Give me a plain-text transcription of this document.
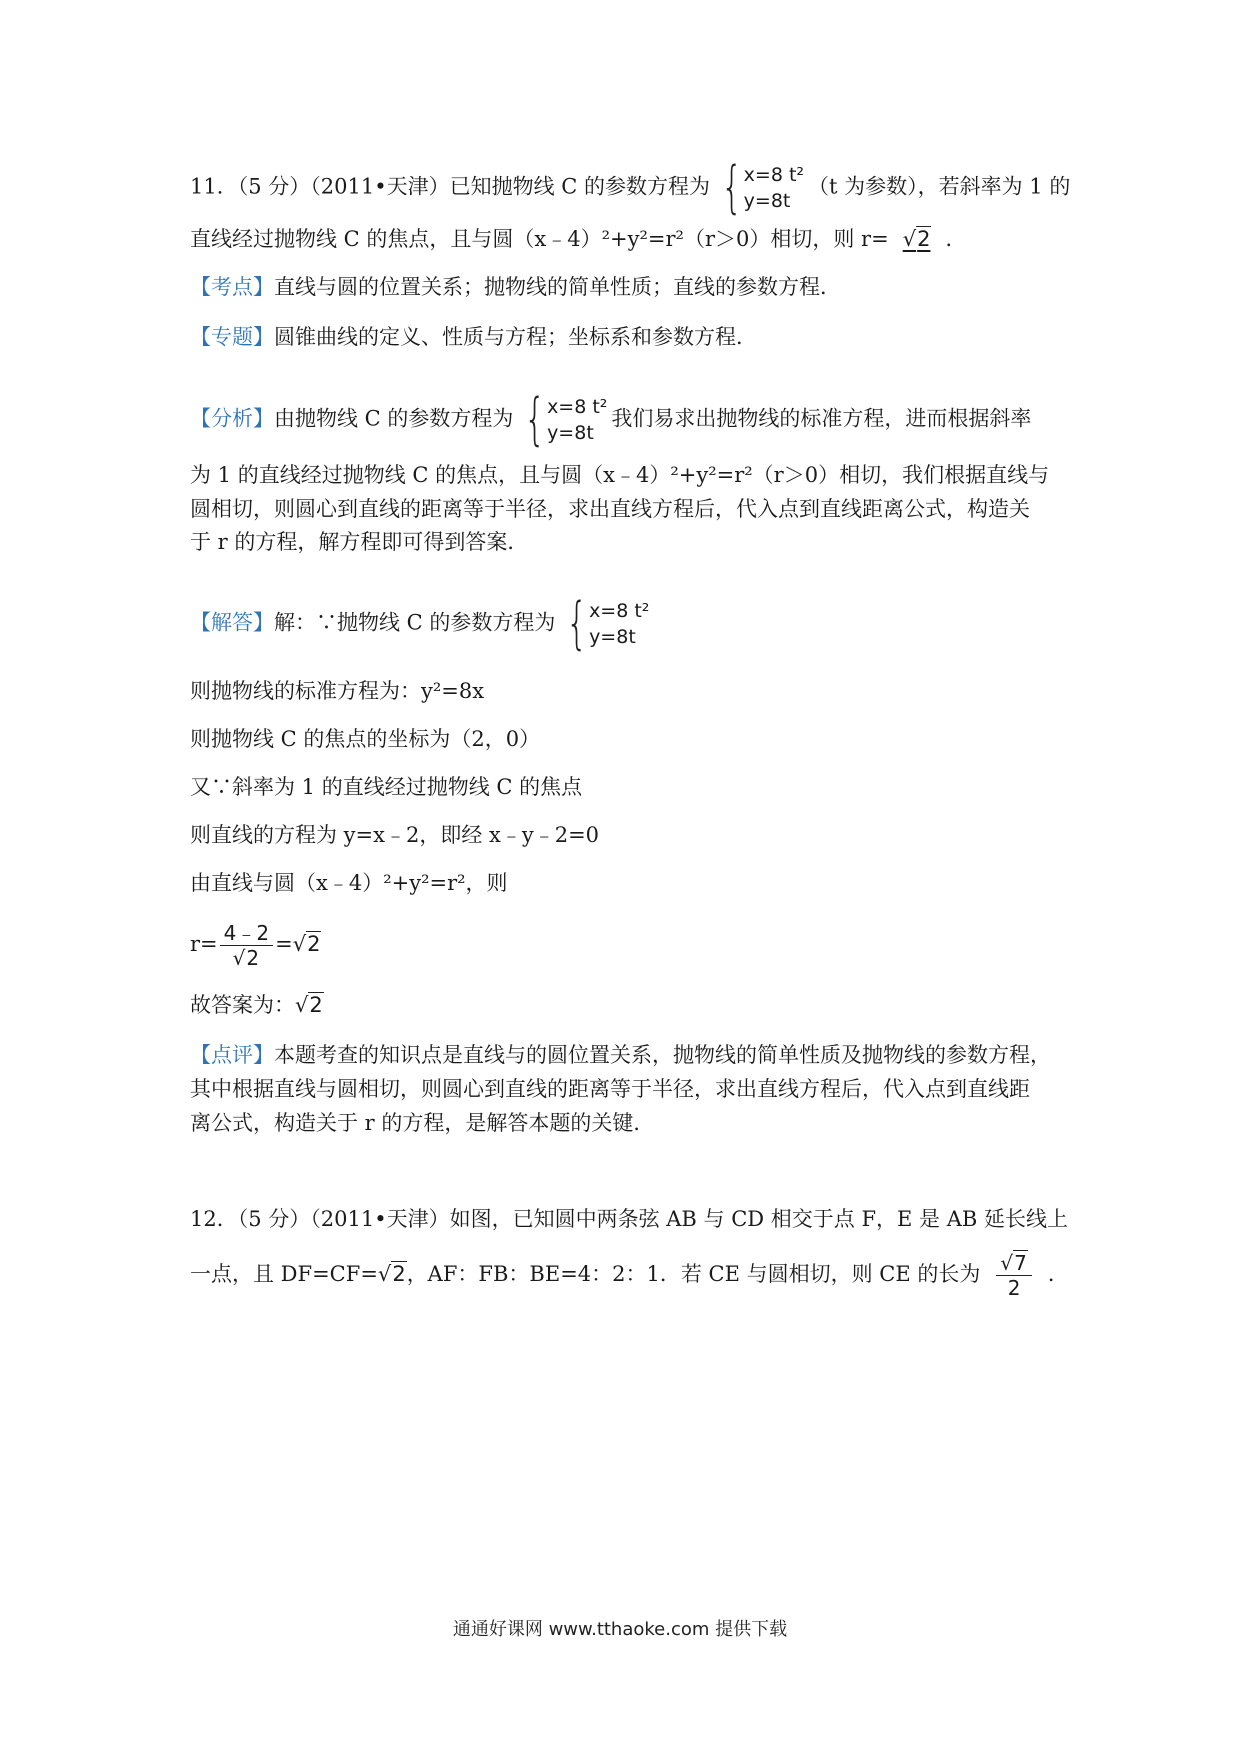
11．（5 分）（2011•天津）已知抛物线 C 的参数方程为 { x=8 t²
y=8t
（t 为参数），若斜率为 1 的
直线经过抛物线 C 的焦点，且与圆（x﹣4）²+y²=r²（r＞0）相切，则 r= √2 ．
【考点】直线与圆的位置关系；抛物线的简单性质；直线的参数方程．
【专题】圆锥曲线的定义、性质与方程；坐标系和参数方程．
【分析】由抛物线 C 的参数方程为 { x=8 t²
y=8t
我们易求出抛物线的标准方程，进而根据斜率
为 1 的直线经过抛物线 C 的焦点，且与圆（x﹣4）²+y²=r²（r＞0）相切，我们根据直线与
圆相切，则圆心到直线的距离等于半径，求出直线方程后，代入点到直线距离公式，构造关
于 r 的方程，解方程即可得到答案．
【解答】解：∵抛物线 C 的参数方程为 { x=8 t²
y=8t
则抛物线的标准方程为：y²=8x
则抛物线 C 的焦点的坐标为（2，0）
又∵斜率为 1 的直线经过抛物线 C 的焦点
则直线的方程为 y=x﹣2，即经 x﹣y﹣2=0
由直线与圆（x﹣4）²+y²=r²，则
$r= \frac{4﹣2}{√2} =√2$
故答案为：√2
【点评】本题考查的知识点是直线与的圆位置关系，抛物线的简单性质及抛物线的参数方程，
其中根据直线与圆相切，则圆心到直线的距离等于半径，求出直线方程后，代入点到直线距
离公式，构造关于 r 的方程，是解答本题的关键．
12．（5 分）（2011•天津）如图，已知圆中两条弦 AB 与 CD 相交于点 F，E 是 AB 延长线上
一点，且 DF=CF=√2，AF：FB：BE=4：2：1．若 CE 与圆相切，则 CE 的长为 $\frac{√7}{2}$ ．
通通好课网 www.tthaoke.com 提供下载
